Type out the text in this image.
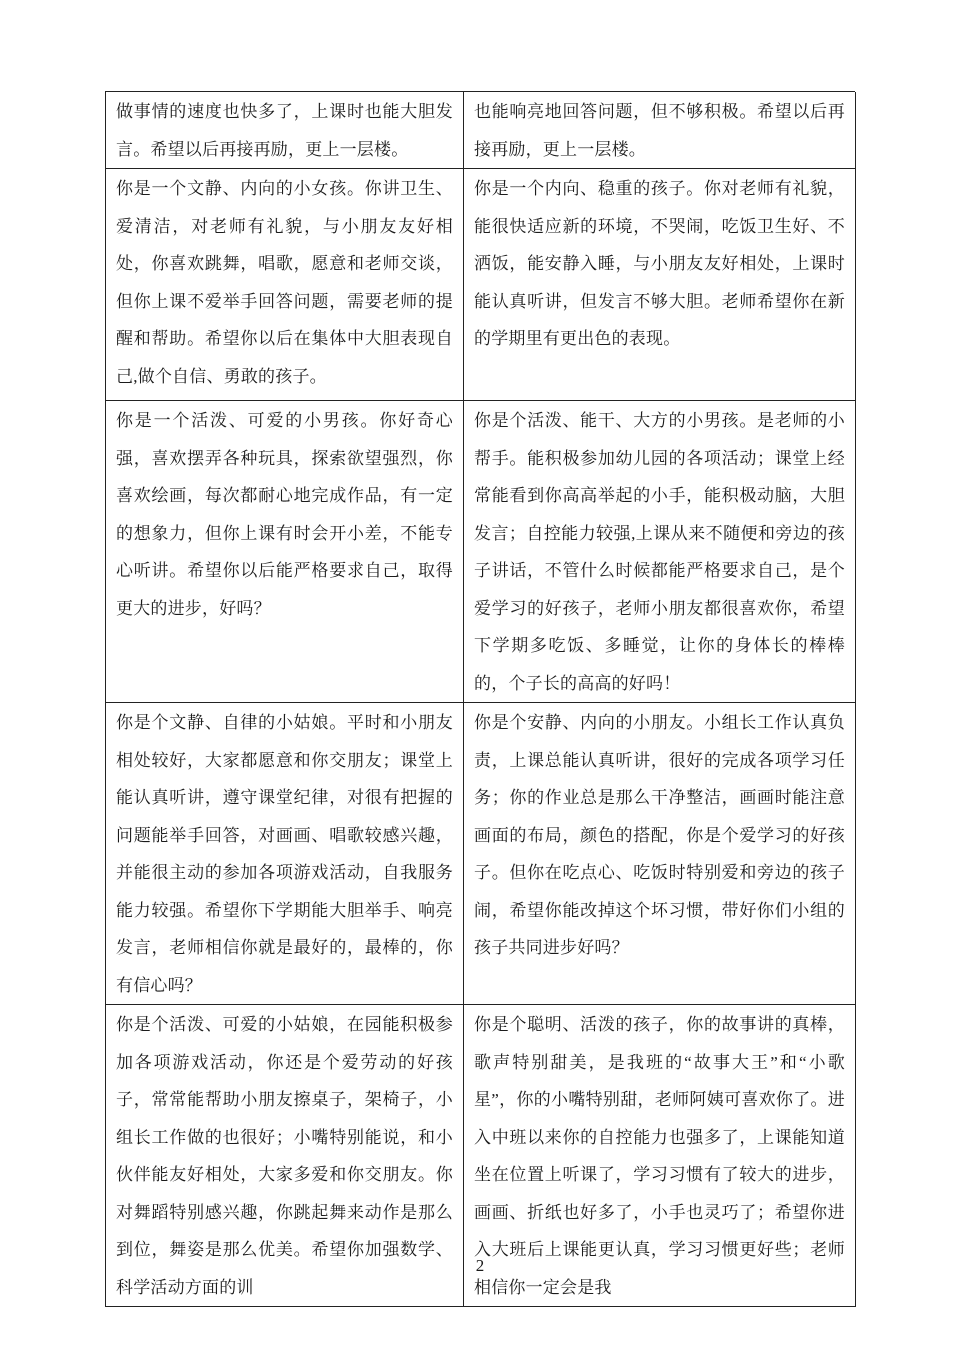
做事情的速度也快多了，上课时也能大胆发言。希望以后再接再励，更上一层楼。
也能响亮地回答问题，但不够积极。希望以后再接再励，更上一层楼。
你是一个文静、内向的小女孩。你讲卫生、爱清洁，对老师有礼貌，与小朋友友好相处，你喜欢跳舞，唱歌，愿意和老师交谈，但你上课不爱举手回答问题，需要老师的提醒和帮助。希望你以后在集体中大胆表现自己,做个自信、勇敢的孩子。
你是一个内向、稳重的孩子。你对老师有礼貌，能很快适应新的环境，不哭闹，吃饭卫生好、不洒饭，能安静入睡，与小朋友友好相处，上课时能认真听讲，但发言不够大胆。老师希望你在新的学期里有更出色的表现。
你是一个活泼、可爱的小男孩。你好奇心强，喜欢摆弄各种玩具，探索欲望强烈，你喜欢绘画，每次都耐心地完成作品，有一定的想象力，但你上课有时会开小差，不能专心听讲。希望你以后能严格要求自己，取得更大的进步，好吗？
你是个活泼、能干、大方的小男孩。是老师的小帮手。能积极参加幼儿园的各项活动；课堂上经常能看到你高高举起的小手，能积极动脑，大胆发言；自控能力较强,上课从来不随便和旁边的孩子讲话，不管什么时候都能严格要求自己，是个爱学习的好孩子，老师小朋友都很喜欢你，希望下学期多吃饭、多睡觉，让你的身体长的棒棒的，个子长的高高的好吗！
你是个文静、自律的小姑娘。平时和小朋友相处较好，大家都愿意和你交朋友；课堂上能认真听讲，遵守课堂纪律，对很有把握的问题能举手回答，对画画、唱歌较感兴趣，并能很主动的参加各项游戏活动，自我服务能力较强。希望你下学期能大胆举手、响亮发言，老师相信你就是最好的，最棒的，你有信心吗？
你是个安静、内向的小朋友。小组长工作认真负责，上课总能认真听讲，很好的完成各项学习任务；你的作业总是那么干净整洁，画画时能注意画面的布局，颜色的搭配，你是个爱学习的好孩子。但你在吃点心、吃饭时特别爱和旁边的孩子闹，希望你能改掉这个坏习惯，带好你们小组的孩子共同进步好吗？
你是个活泼、可爱的小姑娘，在园能积极参加各项游戏活动，你还是个爱劳动的好孩子，常常能帮助小朋友擦桌子，架椅子，小组长工作做的也很好；小嘴特别能说，和小伙伴能友好相处，大家多爱和你交朋友。你对舞蹈特别感兴趣，你跳起舞来动作是那么到位，舞姿是那么优美。希望你加强数学、科学活动方面的训
你是个聪明、活泼的孩子，你的故事讲的真棒，歌声特别甜美，是我班的“故事大王”和“小歌星”，你的小嘴特别甜，老师阿姨可喜欢你了。进入中班以来你的自控能力也强多了，上课能知道坐在位置上听课了，学习习惯有了较大的进步，画画、折纸也好多了，小手也灵巧了；希望你进入大班后上课能更认真，学习习惯更好些；老师相信你一定会是我
2
